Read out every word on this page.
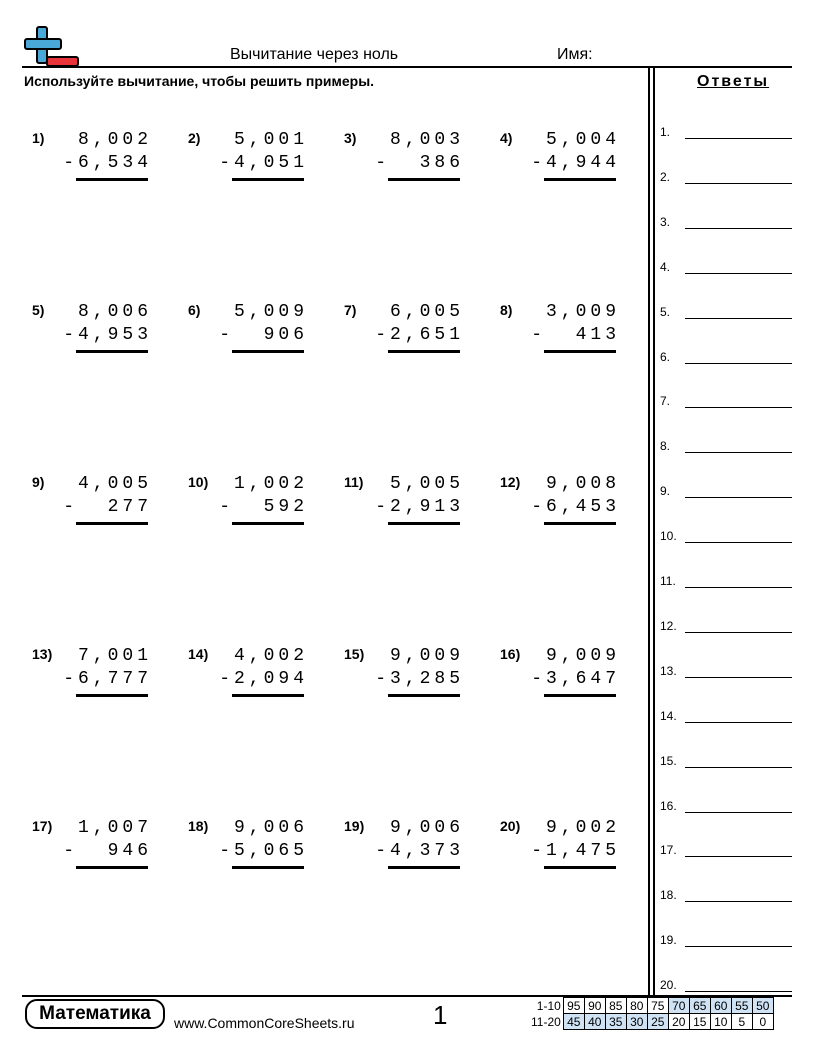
Вычитание через ноль	Имя:
Используйте вычитание, чтобы решить примеры.
1) 8,002
-6,534
2) 5,001
-4,051
3) 8,003
-  386
4) 5,004
-4,944
5) 8,006
-4,953
6) 5,009
-  906
7) 6,005
-2,651
8) 3,009
-  413
9) 4,005
-  277
10) 1,002
-  592
11) 5,005
-2,913
12) 9,008
-6,453
13) 7,001
-6,777
14) 4,002
-2,094
15) 9,009
-3,285
16) 9,009
-3,647
17) 1,007
-  946
18) 9,006
-5,065
19) 9,006
-4,373
20) 9,002
-1,475
Ответы
1.
2.
3.
4.
5.
6.
7.
8.
9.
10.
11.
12.
13.
14.
15.
16.
17.
18.
19.
20.
Математика	www.CommonCoreSheets.ru	1	1-10	95	90	85	80	75	70	65	60	55	50
11-20	45	40	35	30	25	20	15	10	5	0
